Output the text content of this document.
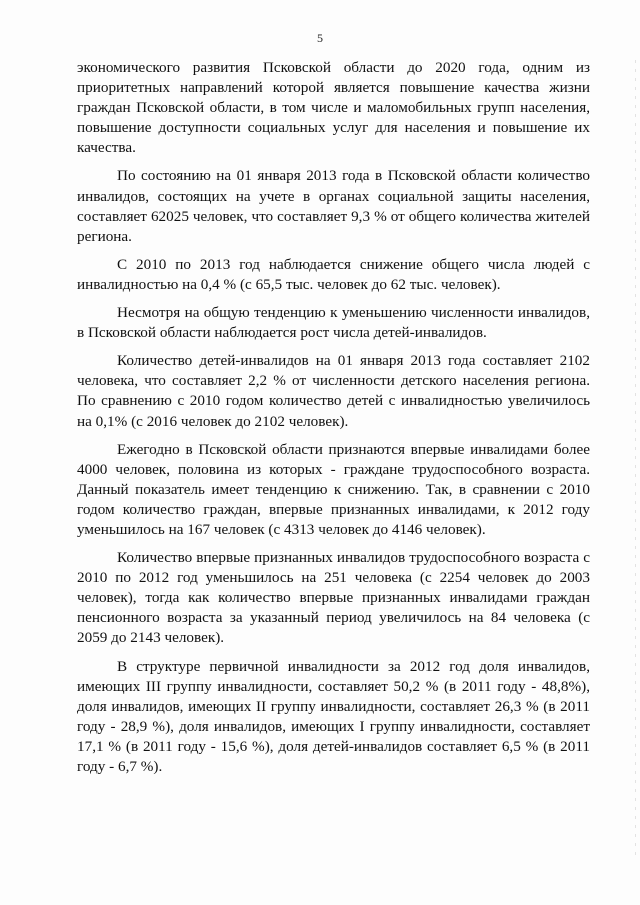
5

экономического развития Псковской области до 2020 года, одним из приоритетных направлений которой является повышение качества жизни граждан Псковской области, в том числе и маломобильных групп населения, повышение доступности социальных услуг для населения и повышение их качества.

По состоянию на 01 января 2013 года в Псковской области количество инвалидов, состоящих на учете в органах социальной защиты населения, составляет 62025 человек, что составляет 9,3 % от общего количества жителей региона.

С 2010 по 2013 год наблюдается снижение общего числа людей с инвалидностью на 0,4 % (с 65,5 тыс. человек до 62 тыс. человек).

Несмотря на общую тенденцию к уменьшению численности инвалидов, в Псковской области наблюдается рост числа детей-инвалидов.

Количество детей-инвалидов на 01 января 2013 года составляет 2102 человека, что составляет 2,2 % от численности детского населения региона. По сравнению с 2010 годом количество детей с инвалидностью увеличилось на 0,1% (с 2016 человек до 2102 человек).

Ежегодно в Псковской области признаются впервые инвалидами более 4000 человек, половина из которых - граждане трудоспособного возраста. Данный показатель имеет тенденцию к снижению. Так, в сравнении с 2010 годом количество граждан, впервые признанных инвалидами, к 2012 году уменьшилось на 167 человек (с 4313 человек до 4146 человек).

Количество впервые признанных инвалидов трудоспособного возраста с 2010 по 2012 год уменьшилось на 251 человека (с 2254 человек до 2003 человек), тогда как количество впервые признанных инвалидами граждан пенсионного возраста за указанный период увеличилось на 84 человека (с 2059 до 2143 человек).

В структуре первичной инвалидности за 2012 год доля инвалидов, имеющих III группу инвалидности, составляет 50,2 % (в 2011 году - 48,8%), доля инвалидов, имеющих II группу инвалидности, составляет 26,3 % (в 2011 году - 28,9 %), доля инвалидов, имеющих I группу инвалидности, составляет 17,1 % (в 2011 году - 15,6 %), доля детей-инвалидов составляет 6,5 % (в 2011 году - 6,7 %).
